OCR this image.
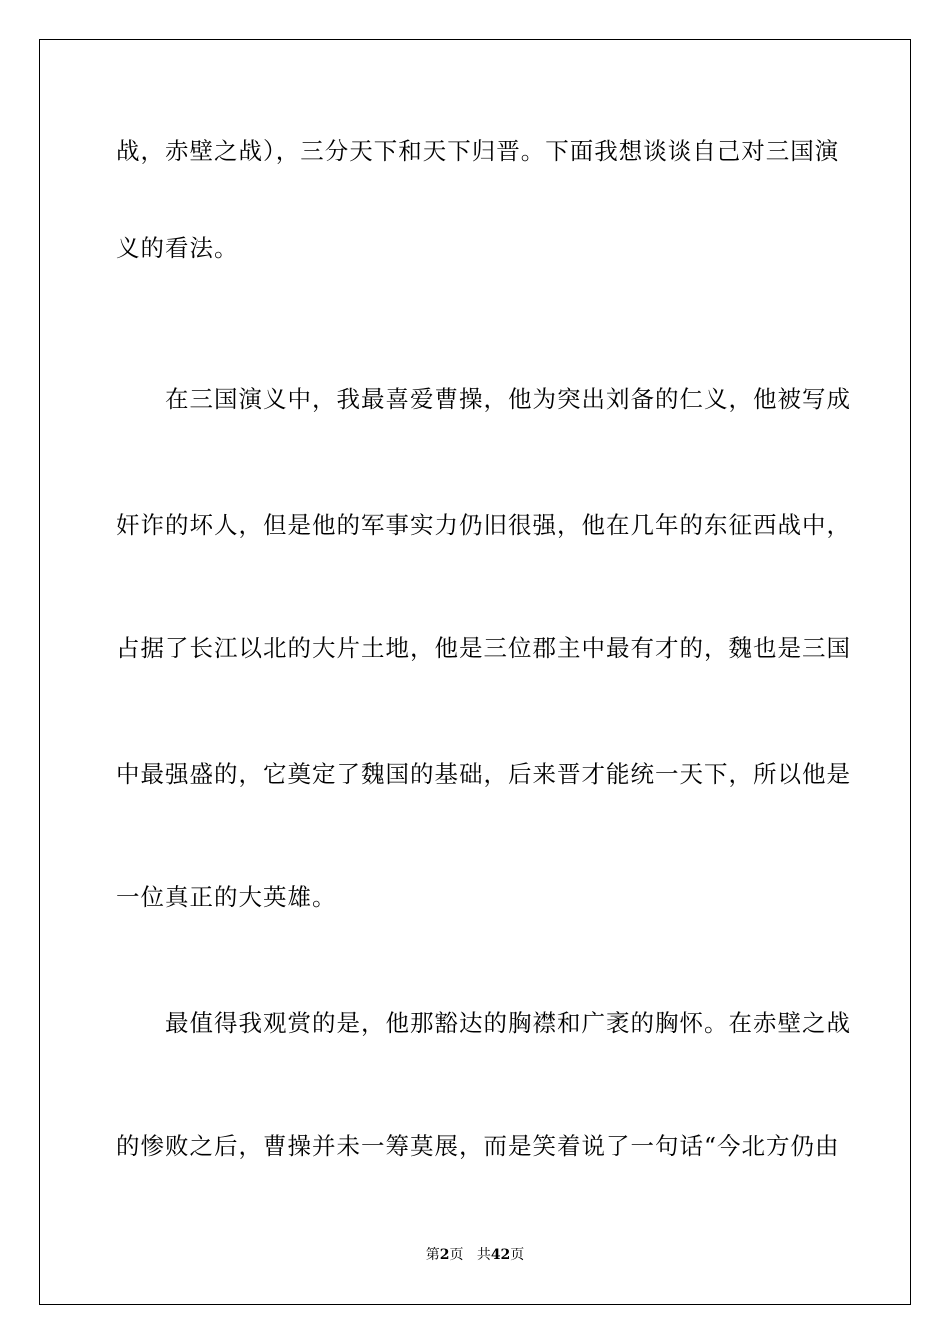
战，赤壁之战），三分天下和天下归晋。下面我想谈谈自己对三国演
义的看法。
　　在三国演义中，我最喜爱曹操，他为突出刘备的仁义，他被写成
奸诈的坏人，但是他的军事实力仍旧很强，他在几年的东征西战中，
占据了长江以北的大片土地，他是三位郡主中最有才的，魏也是三国
中最强盛的，它奠定了魏国的基础，后来晋才能统一天下，所以他是
一位真正的大英雄。
　　最值得我观赏的是，他那豁达的胸襟和广袤的胸怀。在赤壁之战
的惨败之后，曹操并未一筹莫展，而是笑着说了一句话“今北方仍由
第2页 共42页
